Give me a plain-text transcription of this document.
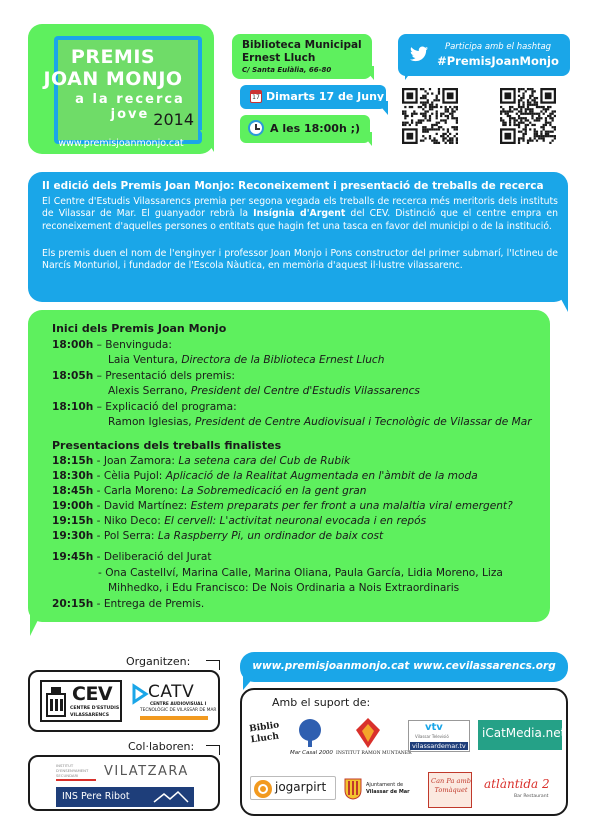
PREMIS
JOAN MONJO
a la recerca jove 2014
www.premisjoanmonjo.cat
Biblioteca Municipal
Ernest Lluch
C/ Santa Eulàlia, 66-80
17 Dimarts 17 de Juny
A les 18:00h ;)
Participa amb el hashtag
#PremisJoanMonjo
II edició dels Premis Joan Monjo: Reconeixement i presentació de treballs de recerca
El Centre d'Estudis Vilassarencs premia per segona vegada els treballs de recerca més meritoris dels instituts de Vilassar de Mar. El guanyador rebrà la Insígnia d'Argent del CEV. Distinció que el centre empra en reconeixement d'aquelles persones o entitats que hagin fet una tasca en favor del municipi o de la institució.
Els premis duen el nom de l'enginyer i professor Joan Monjo i Pons constructor del primer submarí, l'Ictineu de Narcís Monturiol, i fundador de l'Escola Nàutica, en memòria d'aquest il·lustre vilassarenc.
Inici dels Premis Joan Monjo
18:00h – Benvinguda:
Laia Ventura, Directora de la Biblioteca Ernest Lluch
18:05h – Presentació dels premis:
Alexis Serrano, President del Centre d'Estudis Vilassarencs
18:10h – Explicació del programa:
Ramon Iglesias, President de Centre Audiovisual i Tecnològic de Vilassar de Mar
Presentacions dels treballs finalistes
18:15h - Joan Zamora: La setena cara del Cub de Rubik
18:30h - Cèlia Pujol: Aplicació de la Realitat Augmentada en l'àmbit de la moda
18:45h - Carla Moreno: La Sobremedicació en la gent gran
19:00h - David Martínez: Estem preparats per fer front a una malaltia viral emergent?
19:15h - Niko Deco: El cervell: L'activitat neuronal evocada i en repós
19:30h - Pol Serra: La Raspberry Pi, un ordinador de baix cost
19:45h - Deliberació del Jurat
- Ona Castellví, Marina Calle, Marina Oliana, Paula García, Lidia Moreno, Liza
Mihhedko, i Edu Francisco: De Nois Ordinaria a Nois Extraordinaris
20:15h - Entrega de Premis.
Organitzen:
CEV
CENTRE D'ESTUDIS
VILASSARENCS
CATV
CENTRE AUDIOVISUAL I
TECNOLÒGIC DE VILASSAR DE MAR
Col·laboren:
INSTITUT
D'ENSENYAMENT
SECUNDARI VILATZARA
INS Pere Ribot
www.premisjoanmonjo.cat www.cevilassarencs.org
Amb el suport de:
Biblio Lluch
Mar Casal 2000 INSTITUT RAMON MUNTANER
vtv
Vilassar Televisió
vilassardemar.tv
iCatMedia.net
jogarpirt	Ajuntament de
Vilassar de Mar
Can Pa amb Tomàquet atlàntida 2
Bar Restaurant
